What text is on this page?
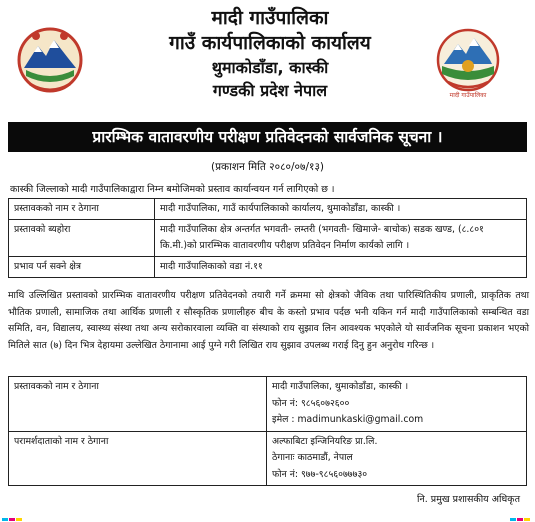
मादी गाउँपालिका
गाउँ कार्यपालिकाको कार्यालय
थुमाकोडाँडा, कास्की
गण्डकी प्रदेश नेपाल	मादी गाउँपालिका
प्रारम्भिक वातावरणीय परीक्षण प्रतिवेदनको सार्वजनिक सूचना ।
(प्रकाशन मिति २०८०/०७/१३)
कास्की जिल्लाको मादी गाउँपालिकाद्वारा निम्न बमोजिमको प्रस्ताव कार्यान्वयन गर्न लागिएको छ ।
प्रस्तावकको नाम र ठेगाना	मादी गाउँपालिका, गाउँ कार्यपालिकाको कार्यालय, थुमाकोडाँडा, कास्की ।
प्रस्तावको ब्यहोरा	मादी गाउँपालिका क्षेत्र अन्तर्गत भगवती- लम्तरी (भगवती- खिमाजे- बाचोक) सडक खण्ड, (८.८०१ कि.मी.)को प्रारम्भिक वातावरणीय परीक्षण प्रतिवेदन निर्माण कार्यको लागि ।
प्रभाव पर्न सक्ने क्षेत्र	मादी गाउँपालिकाको वडा नं.११
माथि उल्लिखित प्रस्तावको प्रारम्भिक वातावरणीय परीक्षण प्रतिवेदनको तयारी गर्ने क्रममा सो क्षेत्रको जैविक तथा पारिस्थितिकीय प्रणाली, प्राकृतिक तथा भौतिक प्रणाली, सामाजिक तथा आर्थिक प्रणाली र सौस्कृतिक प्रणालीहरु बीच के कस्तो प्रभाव पर्दछ भनी यकिन गर्न मादी गाउँपालिकाको सम्बन्धित वडा समिति, वन, विद्यालय, स्वास्थ्य संस्था तथा अन्य सरोकारवाला व्यक्ति वा संस्थाको राय सुझाव लिन आवश्यक भएकोले यो सार्वजनिक सूचना प्रकाशन भएको मितिले सात (७) दिन भित्र देहायमा उल्लेखित ठेगानामा आई पुग्ने गरी लिखित राय सुझाव उपलब्ध गराई दिनु हुन अनुरोध गरिन्छ ।
प्रस्तावकको नाम र ठेगाना	मादी गाउँपालिका, थुमाकोडाँडा, कास्की ।
फोन नं: ९८५६०७२६००
इमेल : madimunkaski@gmail.com

परामर्शदाताको नाम र ठेगाना	अल्फाबिटा इन्जिनियरिङ प्रा.लि.
ठेगानाः काठमाडौं, नेपाल
फोन नं: ९७७-९८५६०७७७३०
नि. प्रमुख प्रशासकीय अधिकृत
